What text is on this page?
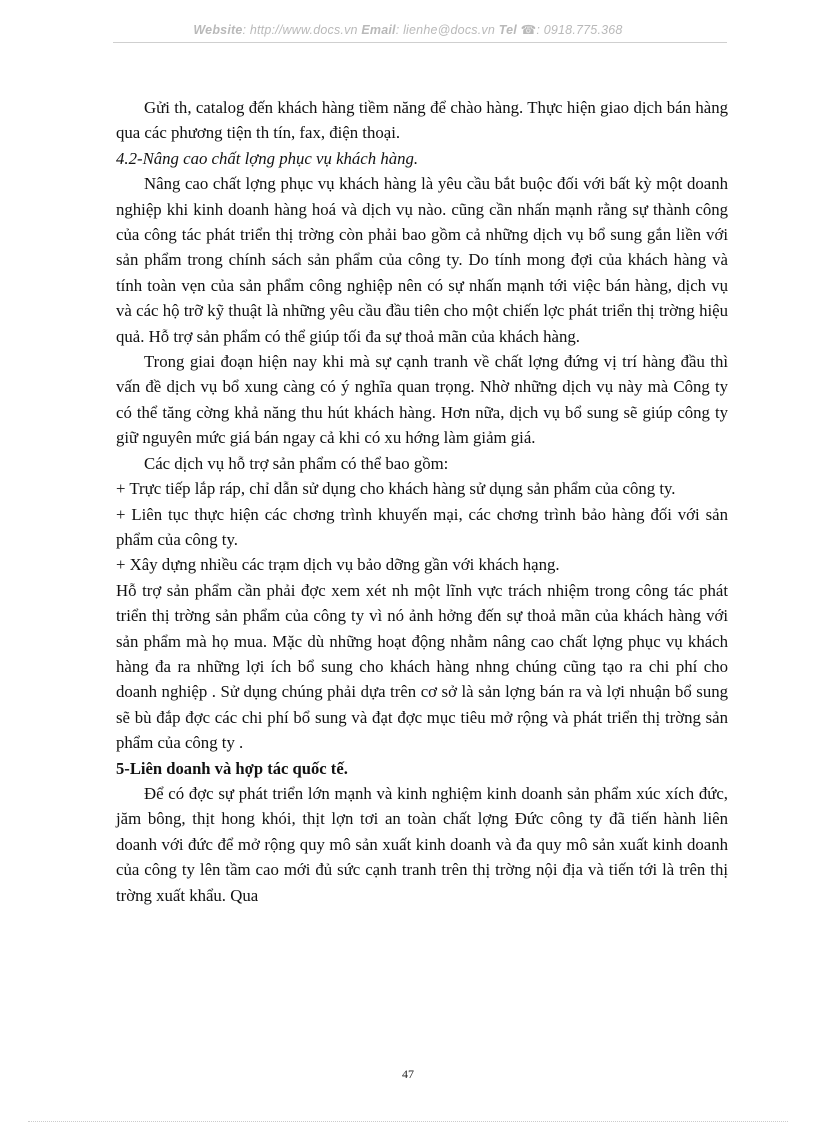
Website: http://www.docs.vn Email: lienhe@docs.vn Tel ☎: 0918.775.368

Gửi th, catalog đến khách hàng tiềm năng để chào hàng. Thực hiện giao dịch bán hàng qua các phương tiện th tín, fax, điện thoại.

4.2-Nâng cao chất lợng phục vụ khách hàng.

Nâng cao chất lợng phục vụ khách hàng là yêu cầu bắt buộc đối với bất kỳ một doanh nghiệp khi kinh doanh hàng hoá và dịch vụ nào. cũng cần nhấn mạnh rằng sự thành công của công tác phát triển thị trờng còn phải bao gồm cả những dịch vụ bổ sung gắn liền với sản phẩm trong chính sách sản phẩm của công ty. Do tính mong đợi của khách hàng và tính toàn vẹn của sản phẩm công nghiệp nên có sự nhấn mạnh tới việc bán hàng, dịch vụ và các hộ trỡ kỹ thuật là những yêu cầu đầu tiên cho một chiến lợc phát triển thị trờng hiệu quả. Hỗ trợ sản phẩm có thể giúp tối đa sự thoả mãn của khách hàng.

Trong giai đoạn hiện nay khi mà sự cạnh tranh về chất lợng đứng vị trí hàng đầu thì vấn đề dịch vụ bổ xung càng có ý nghĩa quan trọng. Nhờ những dịch vụ này mà Công ty có thể tăng cờng khả năng thu hút khách hàng. Hơn nữa, dịch vụ bổ sung sẽ giúp công ty giữ nguyên mức giá bán ngay cả khi có xu hớng làm giảm giá.

Các dịch vụ hỗ trợ sản phẩm có thể bao gồm:

+ Trực tiếp lắp ráp, chỉ dẫn sử dụng cho khách hàng sử dụng sản phẩm của công ty.

+ Liên tục thực hiện các chơng trình khuyến mại, các chơng trình bảo hàng đối với sản phẩm của công ty.

+ Xây dựng nhiều các trạm dịch vụ bảo dỡng gần với khách hạng.

Hỗ trợ sản phẩm cần phải đợc xem xét nh một lĩnh vực trách nhiệm trong công tác phát triển thị trờng sản phẩm của công ty vì nó ảnh hởng đến sự thoả mãn của khách hàng với sản phẩm mà họ mua. Mặc dù những hoạt động nhằm nâng cao chất lợng phục vụ khách hàng đa ra những lợi ích bổ sung cho khách hàng nhng chúng cũng tạo ra chi phí cho doanh nghiệp . Sử dụng chúng phải dựa trên cơ sở là sản lợng bán ra và lợi nhuận bổ sung sẽ bù đắp đợc các chi phí bổ sung và đạt đợc mục tiêu mở rộng và phát triển thị trờng sản phẩm của công ty .

5-Liên doanh và hợp tác quốc tế.

Để có đợc sự phát triển lớn mạnh và kinh nghiệm kinh doanh sản phẩm xúc xích đức, jăm bông, thịt hong khói, thịt lợn tơi an toàn chất lợng Đức công ty đã tiến hành liên doanh với đức để mở rộng quy mô sản xuất kinh doanh và đa quy mô sản xuất kinh doanh của công ty lên tầm cao mới đủ sức cạnh tranh trên thị trờng nội địa và tiến tới là trên thị trờng xuất khẩu. Qua

47
